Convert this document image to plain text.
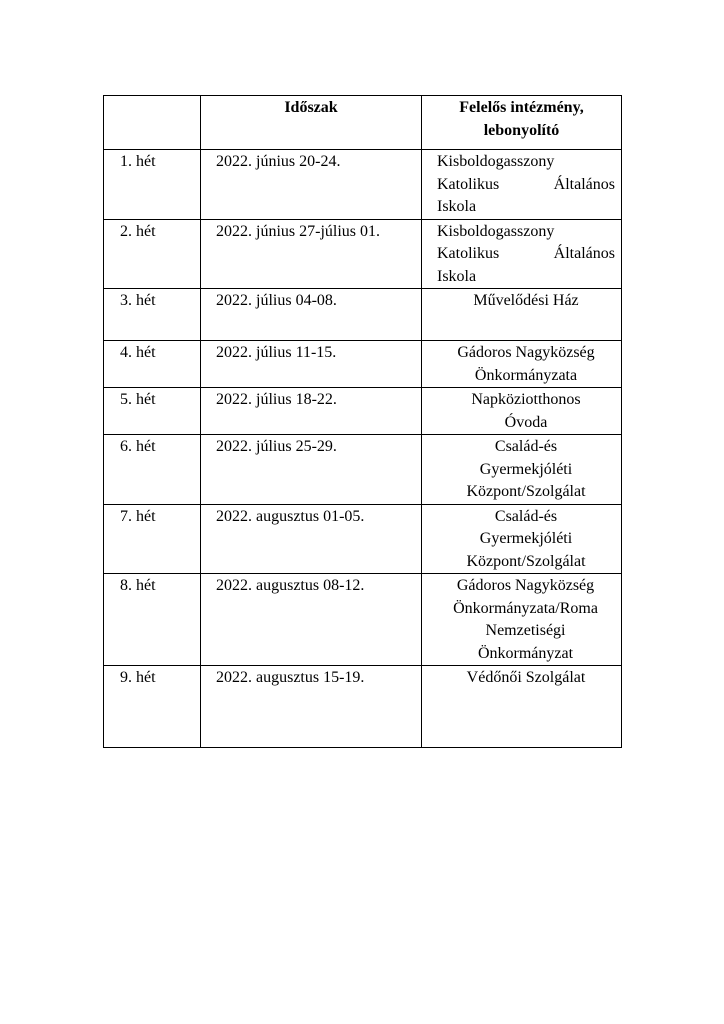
	Időszak	Felelős intézmény,
lebonyolító

1. hét	2022. június 20-24.	Kisboldogasszony
Katolikus Általános
Iskola

2. hét	2022. június 27-július 01.	Kisboldogasszony
Katolikus Általános
Iskola

3. hét	2022. július 04-08.	Művelődési Ház

4. hét	2022. július 11-15.	Gádoros Nagyközség
Önkormányzata

5. hét	2022. július 18-22.	Napköziotthonos
Óvoda

6. hét	2022. július 25-29.	Család-és
Gyermekjóléti
Központ/Szolgálat

7. hét	2022. augusztus 01-05.	Család-és
Gyermekjóléti
Központ/Szolgálat

8. hét	2022. augusztus 08-12.	Gádoros Nagyközség
Önkormányzata/Roma
Nemzetiségi
Önkormányzat

9. hét	2022. augusztus 15-19.	Védőnői Szolgálat
